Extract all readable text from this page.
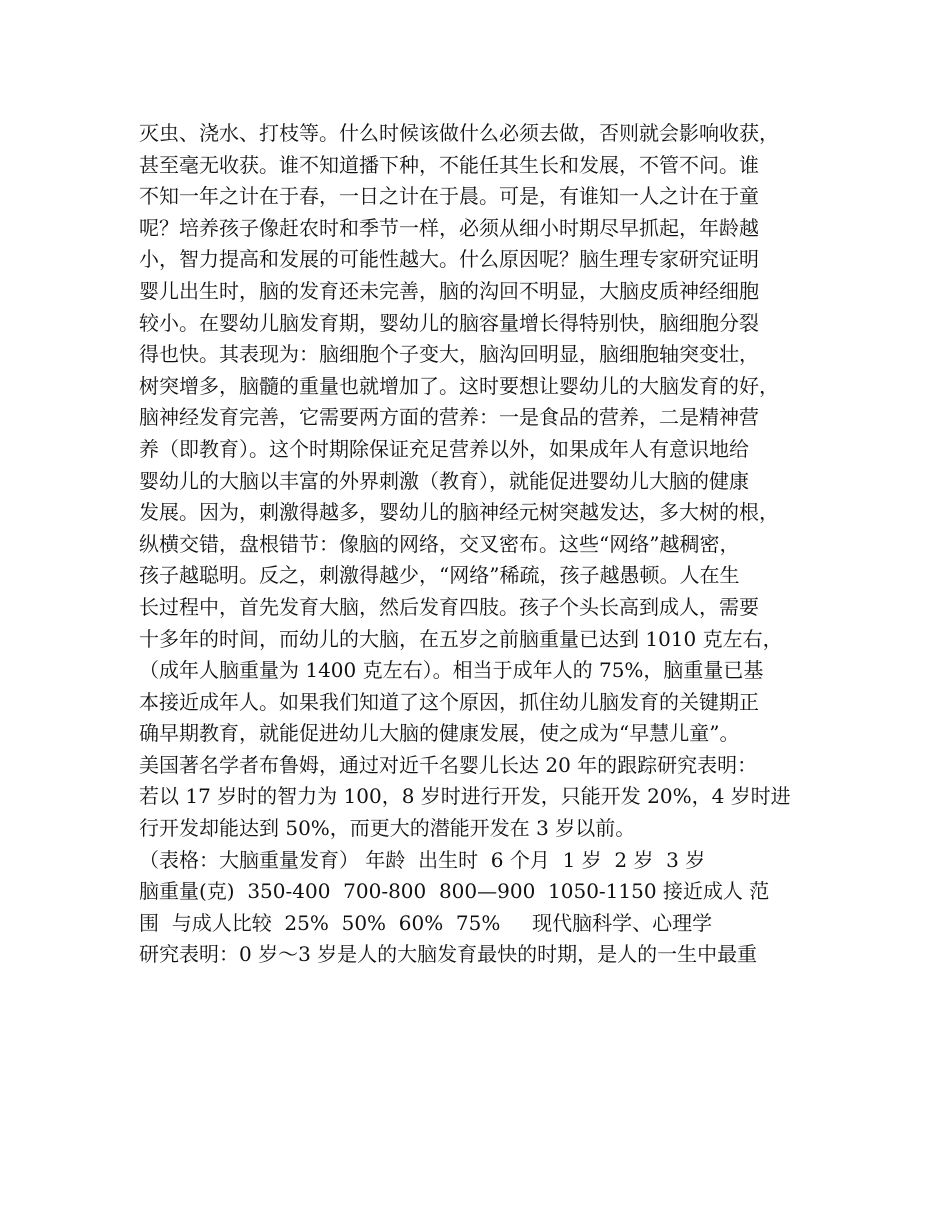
灭虫、浇水、打枝等。什么时候该做什么必须去做，否则就会影响收获，
甚至毫无收获。谁不知道播下种，不能任其生长和发展，不管不问。谁
不知一年之计在于春，一日之计在于晨。可是，有谁知一人之计在于童
呢？培养孩子像赶农时和季节一样，必须从细小时期尽早抓起，年龄越
小，智力提高和发展的可能性越大。什么原因呢？脑生理专家研究证明
婴儿出生时，脑的发育还未完善，脑的沟回不明显，大脑皮质神经细胞
较小。在婴幼儿脑发育期，婴幼儿的脑容量增长得特别快，脑细胞分裂
得也快。其表现为：脑细胞个子变大，脑沟回明显，脑细胞轴突变壮，
树突增多，脑髓的重量也就增加了。这时要想让婴幼儿的大脑发育的好，
脑神经发育完善，它需要两方面的营养：一是食品的营养，二是精神营
养（即教育）。这个时期除保证充足营养以外，如果成年人有意识地给
婴幼儿的大脑以丰富的外界刺激（教育），就能促进婴幼儿大脑的健康
发展。因为，刺激得越多，婴幼儿的脑神经元树突越发达，多大树的根，
纵横交错，盘根错节：像脑的网络，交叉密布。这些“网络”越稠密，
孩子越聪明。反之，刺激得越少，“网络”稀疏，孩子越愚顿。人在生
长过程中，首先发育大脑，然后发育四肢。孩子个头长高到成人，需要
十多年的时间，而幼儿的大脑，在五岁之前脑重量已达到 1010 克左右，
（成年人脑重量为 1400 克左右）。相当于成年人的 75%，脑重量已基
本接近成年人。如果我们知道了这个原因，抓住幼儿脑发育的关键期正
确早期教育，就能促进幼儿大脑的健康发展，使之成为“早慧儿童”。
美国著名学者布鲁姆，通过对近千名婴儿长达 20 年的跟踪研究表明：
若以 17 岁时的智力为 100，8 岁时进行开发，只能开发 20%，4 岁时进
行开发却能达到 50%，而更大的潜能开发在 3 岁以前。
（表格：大脑重量发育） 年龄  出生时  6 个月  1 岁  2 岁  3 岁
脑重量(克)  350-400  700-800  800—900  1050-1150 接近成人 范
围  与成人比较  25%  50%  60%  75%     现代脑科学、心理学
研究表明：0 岁～3 岁是人的大脑发育最快的时期，是人的一生中最重
